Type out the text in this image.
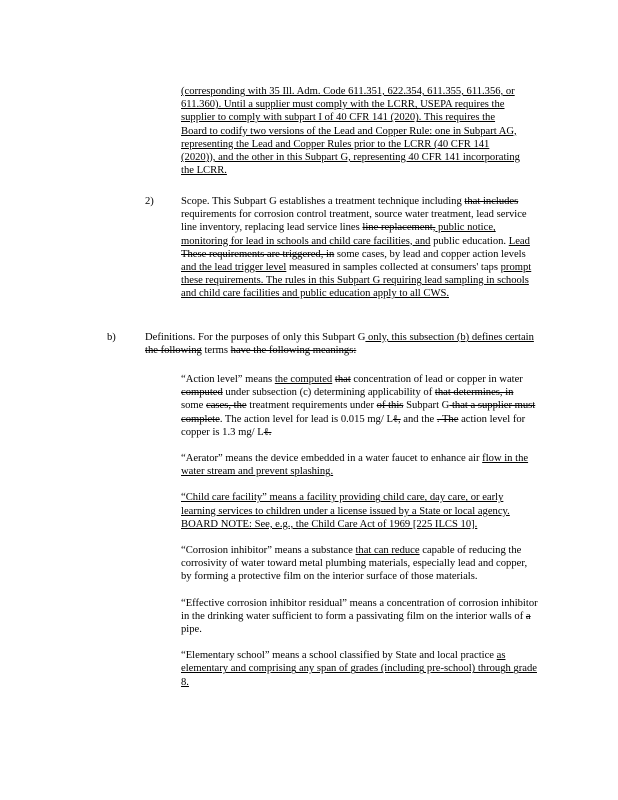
(corresponding with 35 Ill. Adm. Code 611.351, 622.354, 611.355, 611.356, or 611.360). Until a supplier must comply with the LCRR, USEPA requires the supplier to comply with subpart I of 40 CFR 141 (2020). This requires the Board to codify two versions of the Lead and Copper Rule: one in Subpart AG, representing the Lead and Copper Rules prior to the LCRR (40 CFR 141 (2020)), and the other in this Subpart G, representing 40 CFR 141 incorporating the LCRR.
2)	Scope. This Subpart G establishes a treatment technique including that includes requirements for corrosion control treatment, source water treatment, lead service line inventory, replacing lead service lines line replacement, public notice, monitoring for lead in schools and child care facilities, and public education. Lead These requirements are triggered, in some cases, by lead and copper action levels and the lead trigger level measured in samples collected at consumers' taps prompt these requirements. The rules in this Subpart G requiring lead sampling in schools and child care facilities and public education apply to all CWS.
b)	Definitions. For the purposes of only this Subpart G only, this subsection (b) defines certain the following terms have the following meanings:

“Action level” means the computed that concentration of lead or copper in water computed under subsection (c) determining applicability of that determines, in some cases, the treatment requirements under of this Subpart G that a supplier must complete. The action level for lead is 0.015 mg/ Lℓ, and the . The action level for copper is 1.3 mg/ Lℓ.

“Aerator” means the device embedded in a water faucet to enhance air flow in the water stream and prevent splashing.

“Child care facility” means a facility providing child care, day care, or early learning services to children under a license issued by a State or local agency.
BOARD NOTE: See, e.g., the Child Care Act of 1969 [225 ILCS 10].

“Corrosion inhibitor” means a substance that can reduce capable of reducing the corrosivity of water toward metal plumbing materials, especially lead and copper, by forming a protective film on the interior surface of those materials.

“Effective corrosion inhibitor residual” means a concentration of corrosion inhibitor in the drinking water sufficient to form a passivating film on the interior walls of a pipe.

“Elementary school” means a school classified by State and local practice as elementary and comprising any span of grades (including pre-school) through grade 8.
